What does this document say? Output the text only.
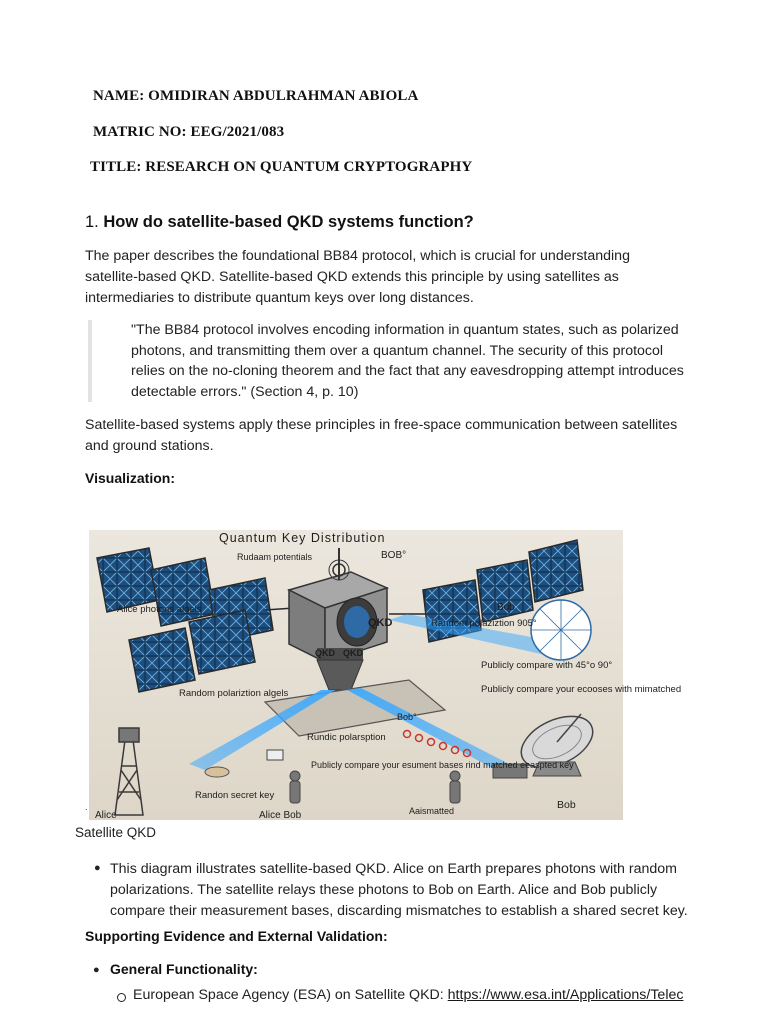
NAME: OMIDIRAN ABDULRAHMAN ABIOLA
MATRIC NO: EEG/2021/083
TITLE: RESEARCH ON QUANTUM CRYPTOGRAPHY
1. How do satellite-based QKD systems function?
The paper describes the foundational BB84 protocol, which is crucial for understanding satellite-based QKD. Satellite-based QKD extends this principle by using satellites as intermediaries to distribute quantum keys over long distances.
"The BB84 protocol involves encoding information in quantum states, such as polarized photons, and transmitting them over a quantum channel. The security of this protocol relies on the no-cloning theorem and the fact that any eavesdropping attempt introduces detectable errors." (Section 4, p. 10)
Satellite-based systems apply these principles in free-space communication between satellites and ground stations.
Visualization:
QKD
QKD QKD
Quantum Key Distribution
Rudaam potentials	BOB°
Alice photons algels	Bob
Random polaziztion 905°
Publicly compare with 45°o 90°
Publicly compare your ecooses with mimatched
Random polariztion algels
Bob°
Rundic polarsption
Publicly compare your esument bases rind matched eeaspted key
Randon secret key
Alice	Alice Bob	Aaismatted	Bob
˙
Satellite QKD
● This diagram illustrates satellite-based QKD. Alice on Earth prepares photons with random polarizations. The satellite relays these photons to Bob on Earth. Alice and Bob publicly compare their measurement bases, discarding mismatches to establish a shared secret key.
Supporting Evidence and External Validation:
● General Functionality:
European Space Agency (ESA) on Satellite QKD: https://www.esa.int/Applications/Telec
